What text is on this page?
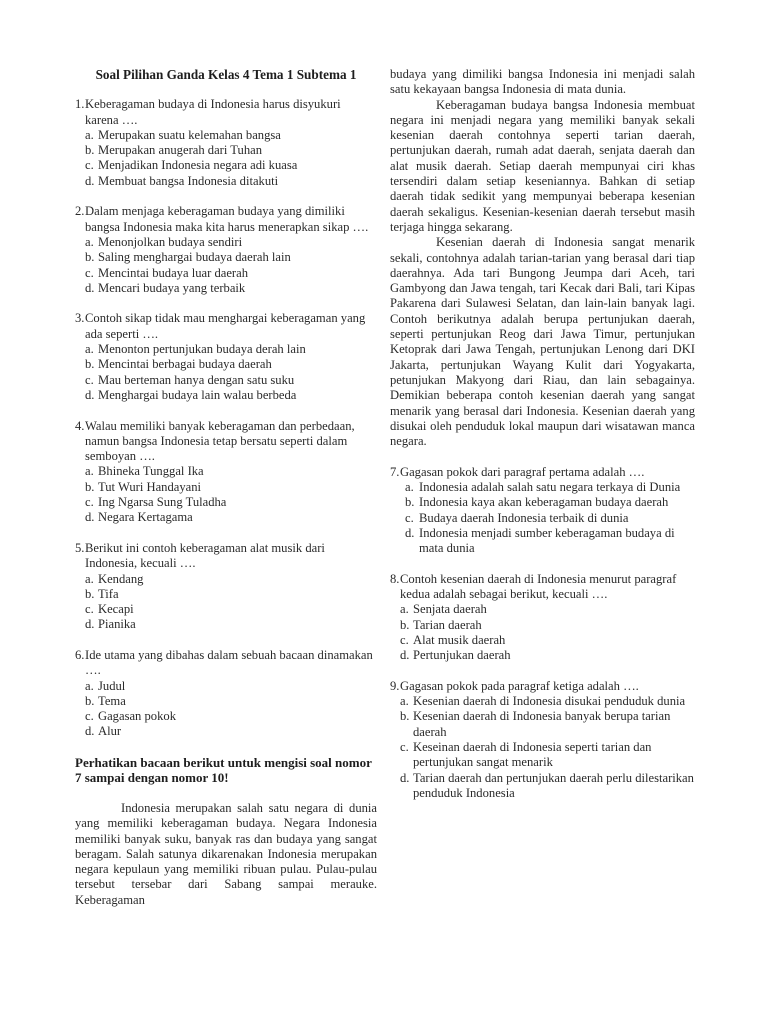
Soal Pilihan Ganda Kelas 4 Tema 1 Subtema 1
1. Keberagaman budaya di Indonesia harus disyukuri karena ….
a. Merupakan suatu kelemahan bangsa
b. Merupakan anugerah dari Tuhan
c. Menjadikan Indonesia negara adi kuasa
d. Membuat bangsa Indonesia ditakuti
2. Dalam menjaga keberagaman budaya yang dimiliki bangsa Indonesia maka kita harus menerapkan sikap ….
a. Menonjolkan budaya sendiri
b. Saling menghargai budaya daerah lain
c. Mencintai budaya luar daerah
d. Mencari budaya yang terbaik
3. Contoh sikap tidak mau menghargai keberagaman yang ada seperti ….
a. Menonton pertunjukan budaya derah lain
b. Mencintai berbagai budaya daerah
c. Mau berteman hanya dengan satu suku
d. Menghargai budaya lain walau berbeda
4. Walau memiliki banyak keberagaman dan perbedaan, namun bangsa Indonesia tetap bersatu seperti dalam semboyan ….
a. Bhineka Tunggal Ika
b. Tut Wuri Handayani
c. Ing Ngarsa Sung Tuladha
d. Negara Kertagama
5. Berikut ini contoh keberagaman alat musik dari Indonesia, kecuali ….
a. Kendang
b. Tifa
c. Kecapi
d. Pianika
6. Ide utama yang dibahas dalam sebuah bacaan dinamakan ….
a. Judul
b. Tema
c. Gagasan pokok
d. Alur
Perhatikan bacaan berikut untuk mengisi soal nomor 7 sampai dengan nomor 10!

Indonesia merupakan salah satu negara di dunia yang memiliki keberagaman budaya. Negara Indonesia memiliki banyak suku, banyak ras dan budaya yang sangat beragam. Salah satunya dikarenakan Indonesia merupakan negara kepulaun yang memiliki ribuan pulau. Pulau-pulau tersebut tersebar dari Sabang sampai merauke. Keberagaman

budaya yang dimiliki bangsa Indonesia ini menjadi salah satu kekayaan bangsa Indonesia di mata dunia.

Keberagaman budaya bangsa Indonesia membuat negara ini menjadi negara yang memiliki banyak sekali kesenian daerah contohnya seperti tarian daerah, pertunjukan daerah, rumah adat daerah, senjata daerah dan alat musik daerah. Setiap daerah mempunyai ciri khas tersendiri dalam setiap keseniannya. Bahkan di setiap daerah tidak sedikit yang mempunyai beberapa kesenian daerah sekaligus. Kesenian-kesenian daerah tersebut masih terjaga hingga sekarang.

Kesenian daerah di Indonesia sangat menarik sekali, contohnya adalah tarian-tarian yang berasal dari tiap daerahnya. Ada tari Bungong Jeumpa dari Aceh, tari Gambyong dan Jawa tengah, tari Kecak dari Bali, tari Kipas Pakarena dari Sulawesi Selatan, dan lain-lain banyak lagi. Contoh berikutnya adalah berupa pertunjukan daerah, seperti pertunjukan Reog dari Jawa Timur, pertunjukan Ketoprak dari Jawa Tengah, pertunjukan Lenong dari DKI Jakarta, pertunjukan Wayang Kulit dari Yogyakarta, petunjukan Makyong dari Riau, dan lain sebagainya. Demikian beberapa contoh kesenian daerah yang sangat menarik yang berasal dari Indonesia. Kesenian daerah yang disukai oleh penduduk lokal maupun dari wisatawan manca negara.

7. Gagasan pokok dari paragraf pertama adalah ….
a. Indonesia adalah salah satu negara terkaya di Dunia
b. Indonesia kaya akan keberagaman budaya daerah
c. Budaya daerah Indonesia terbaik di dunia
d. Indonesia menjadi sumber keberagaman budaya di mata dunia
8. Contoh kesenian daerah di Indonesia menurut paragraf kedua adalah sebagai berikut, kecuali ….
a. Senjata daerah
b. Tarian daerah
c. Alat musik daerah
d. Pertunjukan daerah
9. Gagasan pokok pada paragraf ketiga adalah ….
a. Kesenian daerah di Indonesia disukai penduduk dunia
b. Kesenian daerah di Indonesia banyak berupa tarian daerah
c. Keseinan daerah di Indonesia seperti tarian dan pertunjukan sangat menarik
d. Tarian daerah dan pertunjukan daerah perlu dilestarikan penduduk Indonesia
